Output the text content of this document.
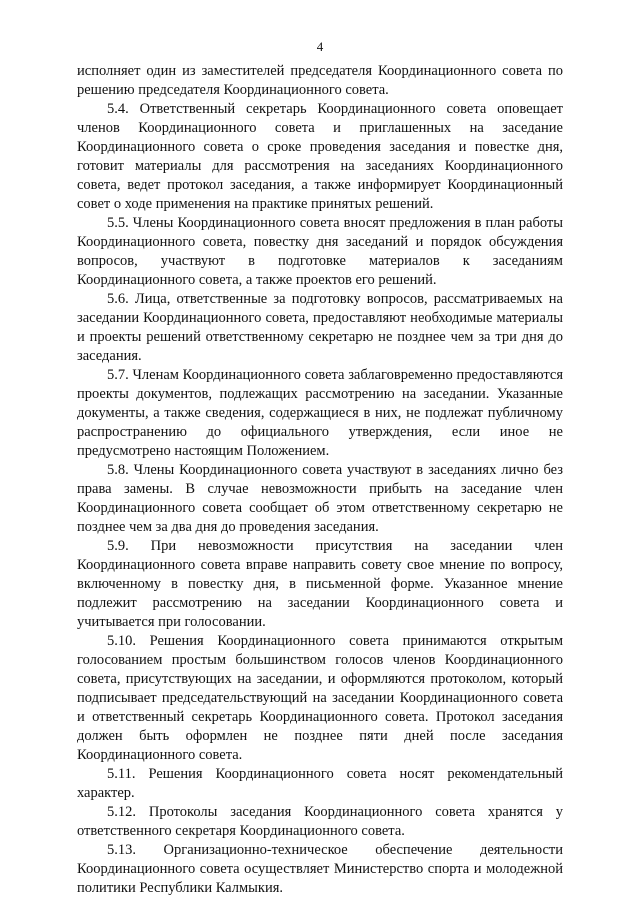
4

исполняет один из заместителей председателя Координационного совета по решению председателя Координационного совета.

5.4. Ответственный секретарь Координационного совета оповещает членов Координационного совета и приглашенных на заседание Координационного совета о сроке проведения заседания и повестке дня, готовит материалы для рассмотрения на заседаниях Координационного совета, ведет протокол заседания, а также информирует Координационный совет о ходе применения на практике принятых решений.

5.5. Члены Координационного совета вносят предложения в план работы Координационного совета, повестку дня заседаний и порядок обсуждения вопросов, участвуют в подготовке материалов к заседаниям Координационного совета, а также проектов его решений.

5.6. Лица, ответственные за подготовку вопросов, рассматриваемых на заседании Координационного совета, предоставляют необходимые материалы и проекты решений ответственному секретарю не позднее чем за три дня до заседания.

5.7. Членам Координационного совета заблаговременно предоставляются проекты документов, подлежащих рассмотрению на заседании. Указанные документы, а также сведения, содержащиеся в них, не подлежат публичному распространению до официального утверждения, если иное не предусмотрено настоящим Положением.

5.8. Члены Координационного совета участвуют в заседаниях лично без права замены. В случае невозможности прибыть на заседание член Координационного совета сообщает об этом ответственному секретарю не позднее чем за два дня до проведения заседания.

5.9. При невозможности присутствия на заседании член Координационного совета вправе направить совету свое мнение по вопросу, включенному в повестку дня, в письменной форме. Указанное мнение подлежит рассмотрению на заседании Координационного совета и учитывается при голосовании.

5.10. Решения Координационного совета принимаются открытым голосованием простым большинством голосов членов Координационного совета, присутствующих на заседании, и оформляются протоколом, который подписывает председательствующий на заседании Координационного совета и ответственный секретарь Координационного совета. Протокол заседания должен быть оформлен не позднее пяти дней после заседания Координационного совета.

5.11. Решения Координационного совета носят рекомендательный характер.

5.12. Протоколы заседания Координационного совета хранятся у ответственного секретаря Координационного совета.

5.13. Организационно-техническое обеспечение деятельности Координационного совета осуществляет Министерство спорта и молодежной политики Республики Калмыкия.
